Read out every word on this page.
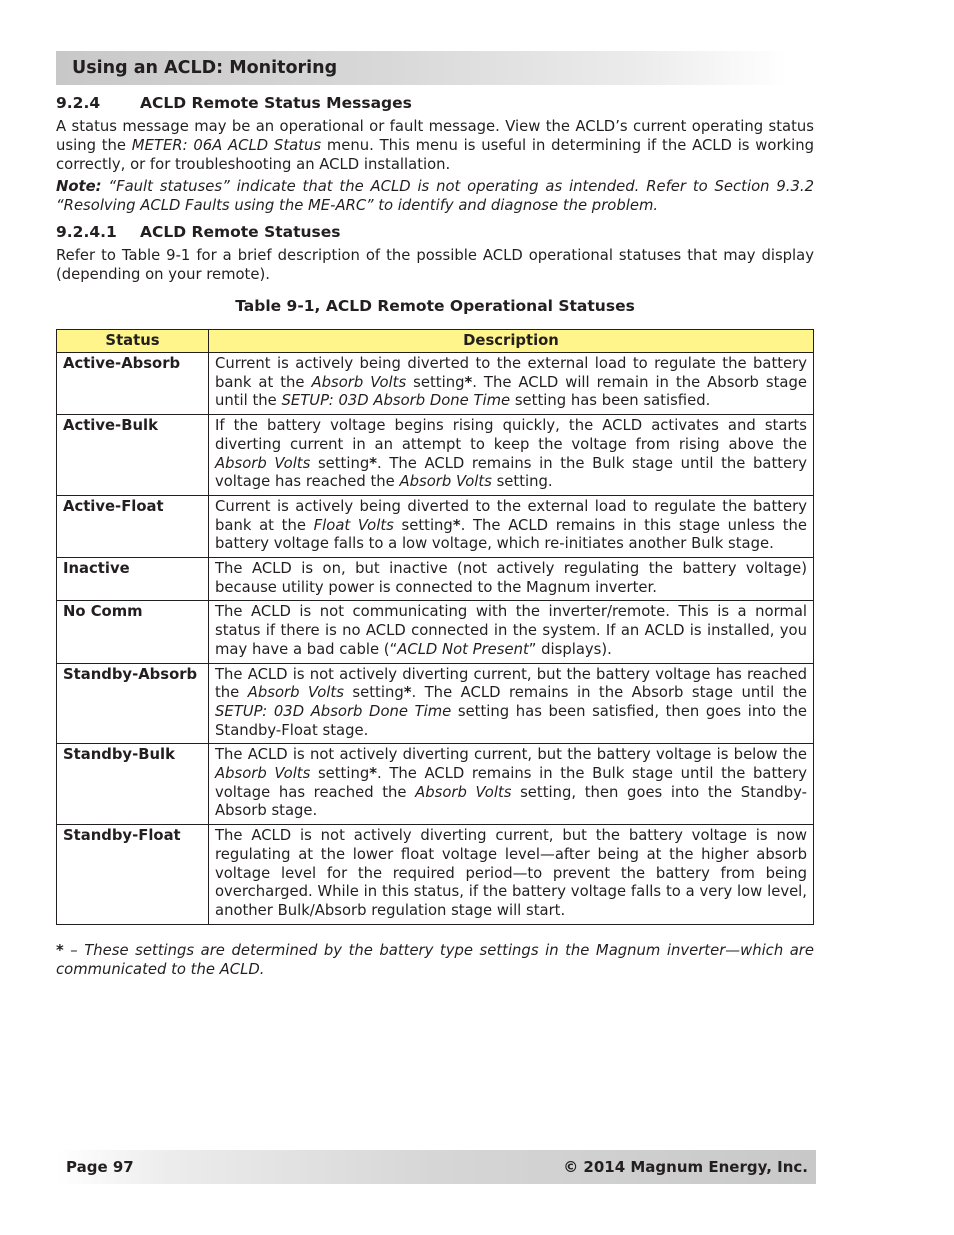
Using an ACLD: Monitoring
9.2.4	ACLD Remote Status Messages

A status message may be an operational or fault message. View the ACLD’s current operating status using the METER: 06A ACLD Status menu. This menu is useful in determining if the ACLD is working correctly, or for troubleshooting an ACLD installation.

Note: “Fault statuses” indicate that the ACLD is not operating as intended. Refer to Section 9.3.2 “Resolving ACLD Faults using the ME-ARC” to identify and diagnose the problem.

9.2.4.1	ACLD Remote Statuses

Refer to Table 9-1 for a brief description of the possible ACLD operational statuses that may display (depending on your remote).

Table 9-1, ACLD Remote Operational Statuses
Status	Description
Active-Absorb	Current is actively being diverted to the external load to regulate the battery bank at the Absorb Volts setting*. The ACLD will remain in the Absorb stage until the SETUP: 03D Absorb Done Time setting has been satisfied.
Active-Bulk	If the battery voltage begins rising quickly, the ACLD activates and starts diverting current in an attempt to keep the voltage from rising above the Absorb Volts setting*. The ACLD remains in the Bulk stage until the battery voltage has reached the Absorb Volts setting.
Active-Float	Current is actively being diverted to the external load to regulate the battery bank at the Float Volts setting*. The ACLD remains in this stage unless the battery voltage falls to a low voltage, which re-initiates another Bulk stage.
Inactive	The ACLD is on, but inactive (not actively regulating the battery voltage) because utility power is connected to the Magnum inverter.
No Comm	The ACLD is not communicating with the inverter/remote. This is a normal status if there is no ACLD connected in the system. If an ACLD is installed, you may have a bad cable (“ACLD Not Present” displays).
Standby-Absorb	The ACLD is not actively diverting current, but the battery voltage has reached the Absorb Volts setting*. The ACLD remains in the Absorb stage until the SETUP: 03D Absorb Done Time setting has been satisfied, then goes into the Standby-Float stage.
Standby-Bulk	The ACLD is not actively diverting current, but the battery voltage is below the Absorb Volts setting*. The ACLD remains in the Bulk stage until the battery voltage has reached the Absorb Volts setting, then goes into the Standby-Absorb stage.
Standby-Float	The ACLD is not actively diverting current, but the battery voltage is now regulating at the lower float voltage level—after being at the higher absorb voltage level for the required period—to prevent the battery from being overcharged. While in this status, if the battery voltage falls to a very low level, another Bulk/Absorb regulation stage will start.

* – These settings are determined by the battery type settings in the Magnum inverter—which are communicated to the ACLD.

Page 97	© 2014 Magnum Energy, Inc.
